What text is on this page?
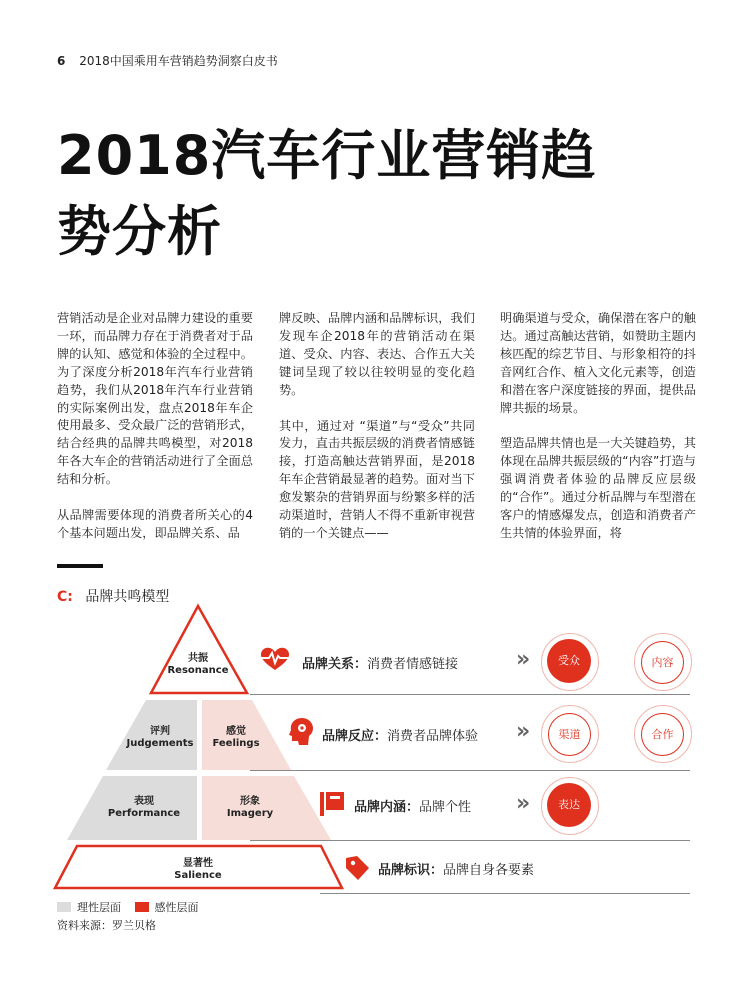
6 2018中国乘用车营销趋势洞察白皮书
2018汽车行业营销趋
势分析

营销活动是企业对品牌力建设的重要一环，而品牌力存在于消费者对于品牌的认知、感觉和体验的全过程中。为了深度分析2018年汽车行业营销趋势，我们从2018年汽车行业营销的实际案例出发，盘点2018年车企使用最多、受众最广泛的营销形式，结合经典的品牌共鸣模型，对2018年各大车企的营销活动进行了全面总结和分析。

从品牌需要体现的消费者所关心的4个基本问题出发，即品牌关系、品

牌反映、品牌内涵和品牌标识，我们发现车企2018年的营销活动在渠道、受众、内容、表达、合作五大关键词呈现了较以往较明显的变化趋势。

其中，通过对 “渠道”与“受众”共同发力，直击共振层级的消费者情感链接，打造高触达营销界面，是2018年车企营销最显著的趋势。面对当下愈发繁杂的营销界面与纷繁多样的活动渠道时，营销人不得不重新审视营销的一个关键点——

明确渠道与受众，确保潜在客户的触达。通过高触达营销，如赞助主题内核匹配的综艺节目、与形象相符的抖音网红合作、植入文化元素等，创造和潜在客户深度链接的界面，提供品牌共振的场景。

塑造品牌共情也是一大关键趋势，其体现在品牌共振层级的“内容”打造与强调消费者体验的品牌反应层级的“合作”。通过分析品牌与车型潜在客户的情感爆发点，创造和消费者产生共情的体验界面，将

C: 品牌共鸣模型
共振
Resonance
评判
Judgements
感觉
Feelings
表现
Performance
形象
Imagery
显著性
Salience
品牌关系：消费者情感链接	»	受众	内容
品牌反应：消费者品牌体验 »	渠道	合作
品牌内涵：品牌个性 »	表达
品牌标识：品牌自身各要素
理性层面	感性层面
资料来源：罗兰贝格
